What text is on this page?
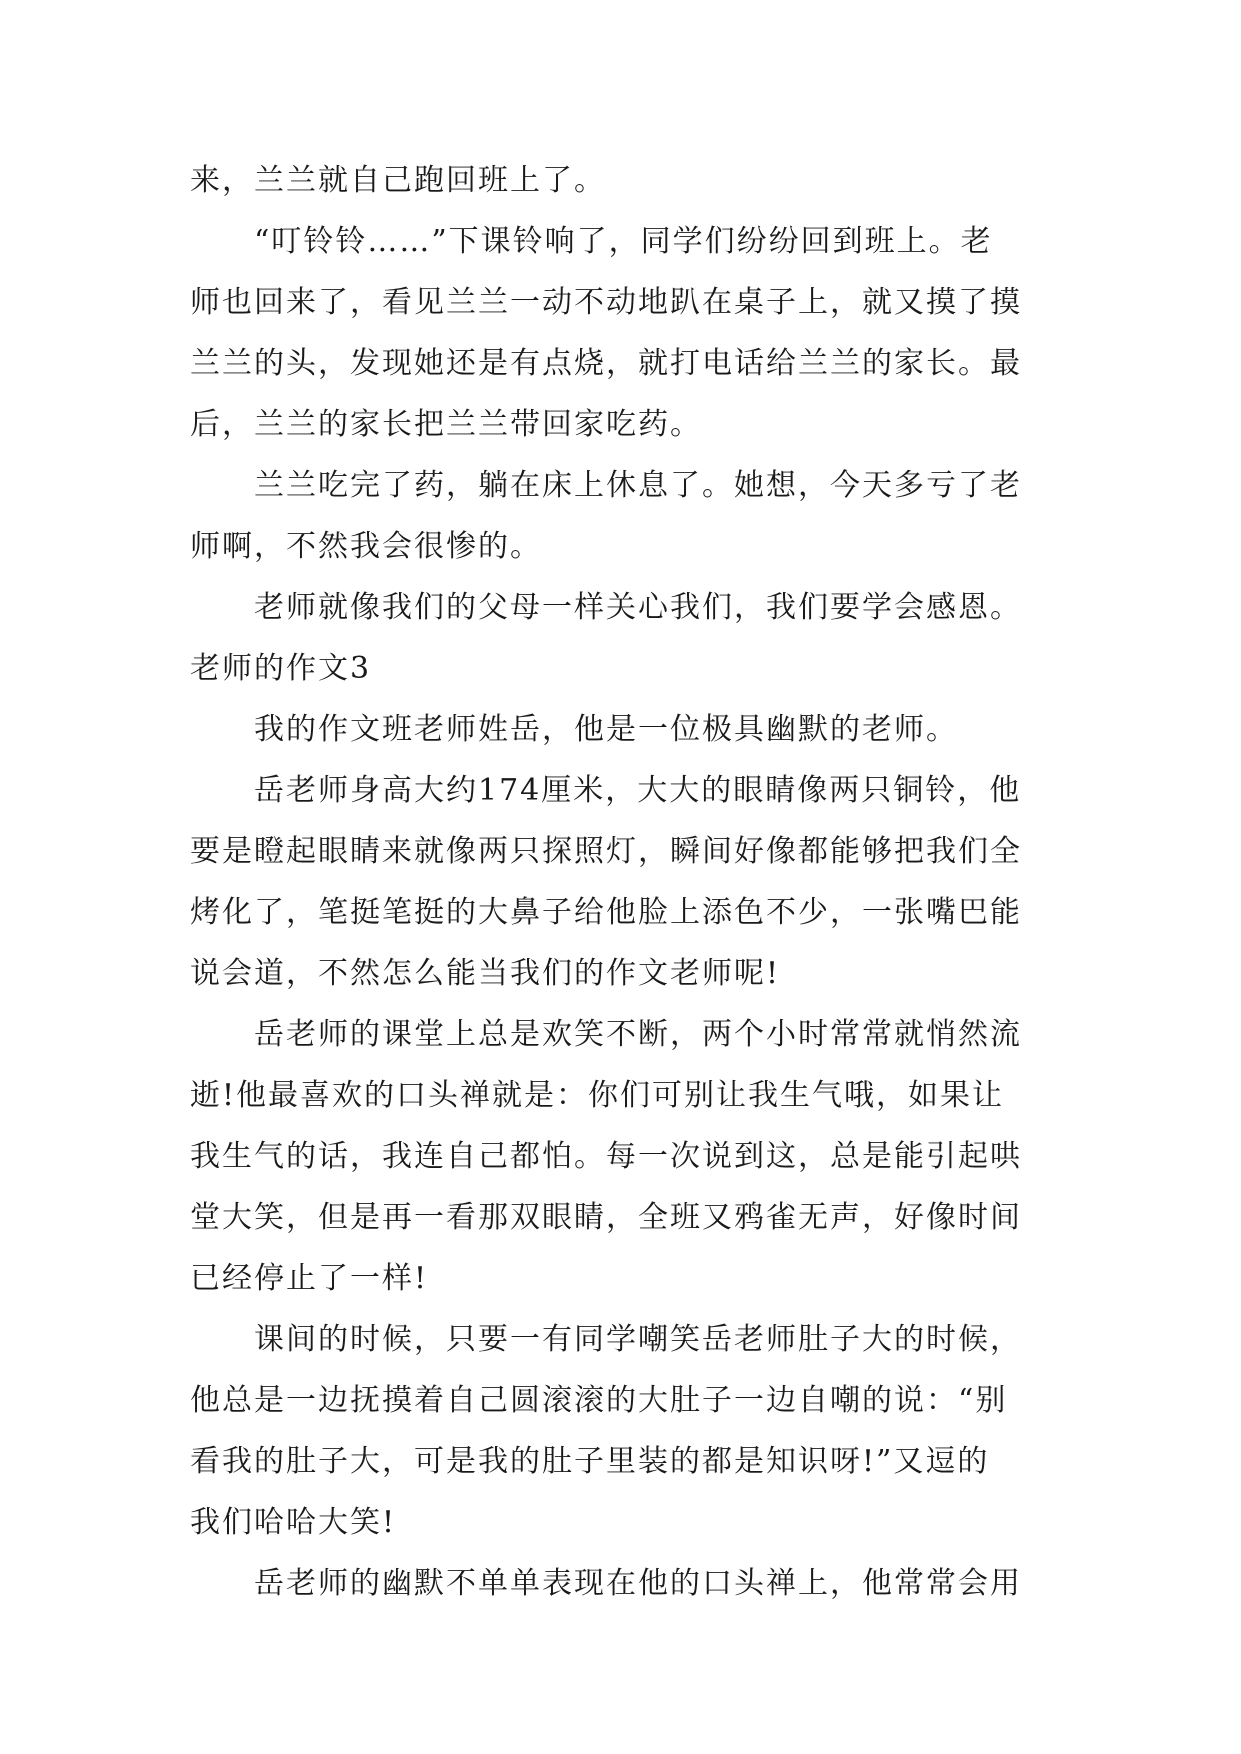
来，兰兰就自己跑回班上了。
“叮铃铃……”下课铃响了，同学们纷纷回到班上。老
师也回来了，看见兰兰一动不动地趴在桌子上，就又摸了摸
兰兰的头，发现她还是有点烧，就打电话给兰兰的家长。最
后，兰兰的家长把兰兰带回家吃药。
兰兰吃完了药，躺在床上休息了。她想，今天多亏了老
师啊，不然我会很惨的。
老师就像我们的父母一样关心我们，我们要学会感恩。
老师的作文3
我的作文班老师姓岳，他是一位极具幽默的老师。
岳老师身高大约174厘米，大大的眼睛像两只铜铃，他
要是瞪起眼睛来就像两只探照灯，瞬间好像都能够把我们全
烤化了，笔挺笔挺的大鼻子给他脸上添色不少，一张嘴巴能
说会道，不然怎么能当我们的作文老师呢!
岳老师的课堂上总是欢笑不断，两个小时常常就悄然流
逝!他最喜欢的口头禅就是：你们可别让我生气哦，如果让
我生气的话，我连自己都怕。每一次说到这，总是能引起哄
堂大笑，但是再一看那双眼睛，全班又鸦雀无声，好像时间
已经停止了一样!
课间的时候，只要一有同学嘲笑岳老师肚子大的时候，
他总是一边抚摸着自己圆滚滚的大肚子一边自嘲的说：“别
看我的肚子大，可是我的肚子里装的都是知识呀!”又逗的
我们哈哈大笑!
岳老师的幽默不单单表现在他的口头禅上，他常常会用
